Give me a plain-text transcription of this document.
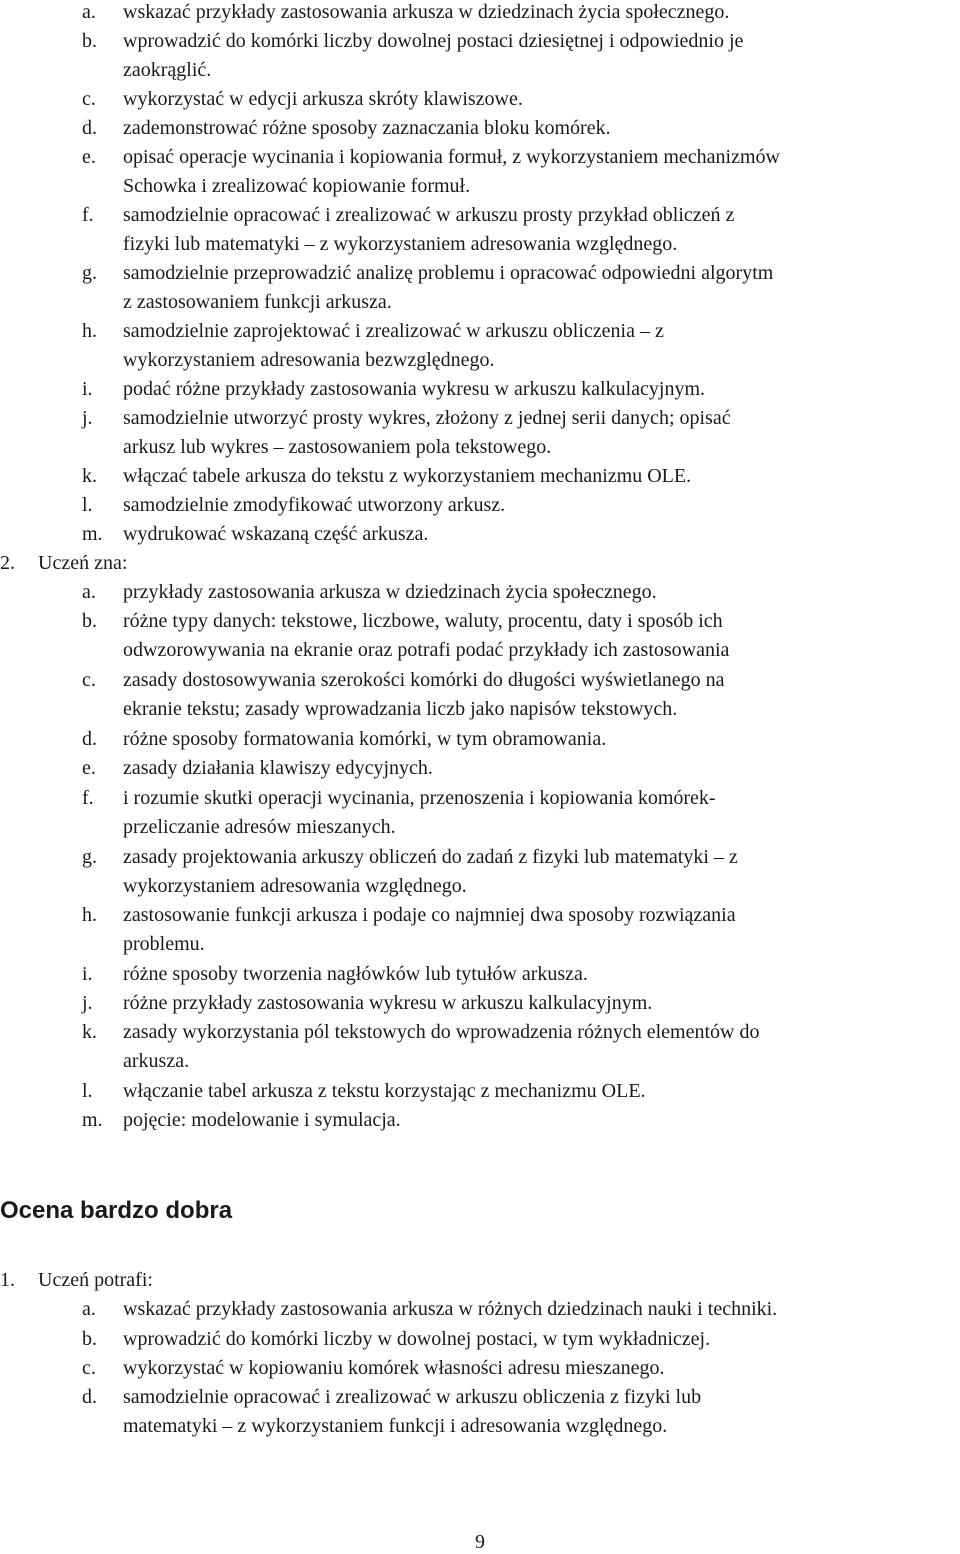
a. wskazać przykłady zastosowania arkusza w dziedzinach życia społecznego.
b. wprowadzić do komórki liczby dowolnej postaci dziesiętnej i odpowiednio je
zaokrąglić.
c. wykorzystać w edycji arkusza skróty klawiszowe.
d. zademonstrować różne sposoby zaznaczania bloku komórek.
e. opisać operacje wycinania i kopiowania formuł, z wykorzystaniem mechanizmów
Schowka i zrealizować kopiowanie formuł.
f. samodzielnie opracować i zrealizować w arkuszu prosty przykład obliczeń z
fizyki lub matematyki – z wykorzystaniem adresowania względnego.
g. samodzielnie przeprowadzić analizę problemu i opracować odpowiedni algorytm
z zastosowaniem funkcji arkusza.
h. samodzielnie zaprojektować i zrealizować w arkuszu obliczenia – z
wykorzystaniem adresowania bezwzględnego.
i. podać różne przykłady zastosowania wykresu w arkuszu kalkulacyjnym.
j. samodzielnie utworzyć prosty wykres, złożony z jednej serii danych; opisać
arkusz lub wykres – zastosowaniem pola tekstowego.
k. włączać tabele arkusza do tekstu z wykorzystaniem mechanizmu OLE.
l. samodzielnie zmodyfikować utworzony arkusz.
m. wydrukować wskazaną część arkusza.
2. Uczeń zna:
a. przykłady zastosowania arkusza w dziedzinach życia społecznego.
b. różne typy danych: tekstowe, liczbowe, waluty, procentu, daty i sposób ich
odwzorowywania na ekranie oraz potrafi podać przykłady ich zastosowania
c. zasady dostosowywania szerokości komórki do długości wyświetlanego na
ekranie tekstu; zasady wprowadzania liczb jako napisów tekstowych.
d. różne sposoby formatowania komórki, w tym obramowania.
e. zasady działania klawiszy edycyjnych.
f. i rozumie skutki operacji wycinania, przenoszenia i kopiowania komórek-
przeliczanie adresów mieszanych.
g. zasady projektowania arkuszy obliczeń do zadań z fizyki lub matematyki – z
wykorzystaniem adresowania względnego.
h. zastosowanie funkcji arkusza i podaje co najmniej dwa sposoby rozwiązania
problemu.
i. różne sposoby tworzenia nagłówków lub tytułów arkusza.
j. różne przykłady zastosowania wykresu w arkuszu kalkulacyjnym.
k. zasady wykorzystania pól tekstowych do wprowadzenia różnych elementów do
arkusza.
l. włączanie tabel arkusza z tekstu korzystając z mechanizmu OLE.
m. pojęcie: modelowanie i symulacja.
Ocena bardzo dobra
1. Uczeń potrafi:
a. wskazać przykłady zastosowania arkusza w różnych dziedzinach nauki i techniki.
b. wprowadzić do komórki liczby w dowolnej postaci, w tym wykładniczej.
c. wykorzystać w kopiowaniu komórek własności adresu mieszanego.
d. samodzielnie opracować i zrealizować w arkuszu obliczenia z fizyki lub
matematyki – z wykorzystaniem funkcji i adresowania względnego.
9
